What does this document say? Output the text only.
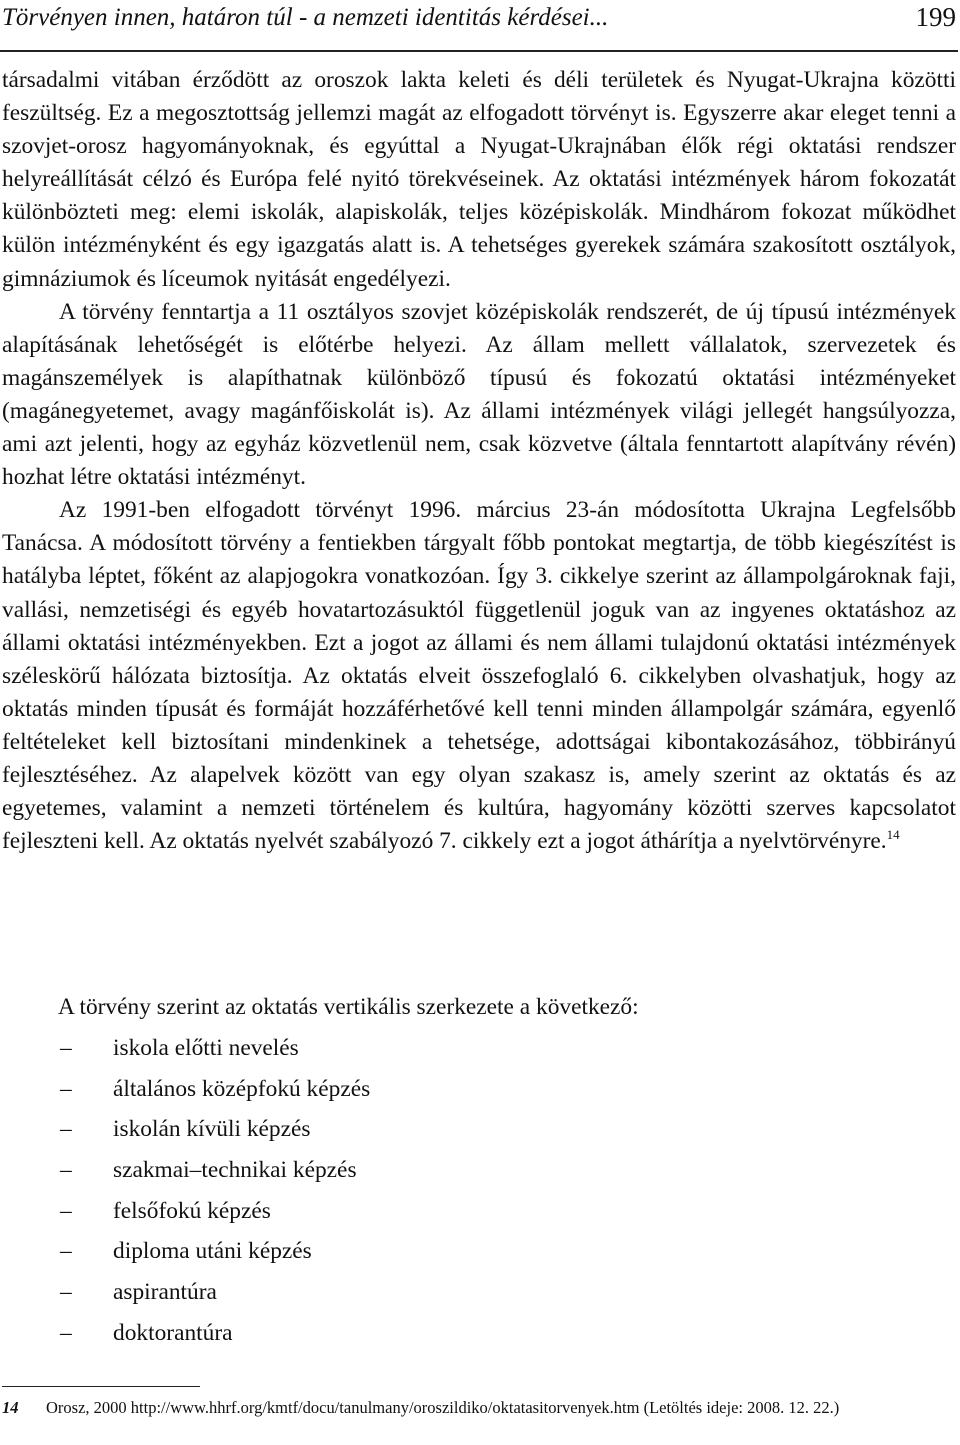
Törvényen innen, határon túl - a nemzeti identitás kérdései...	199

társadalmi vitában érződött az oroszok lakta keleti és déli területek és Nyugat-Ukrajna közötti feszültség. Ez a megosztottság jellemzi magát az elfogadott törvényt is. Egyszerre akar eleget tenni a szovjet-orosz hagyományoknak, és egyúttal a Nyugat-Ukrajnában élők régi oktatási rendszer helyreállítását célzó és Európa felé nyitó törekvéseinek. Az oktatási intézmények három fokozatát különbözteti meg: elemi iskolák, alapiskolák, teljes középiskolák. Mindhárom fokozat működhet külön intézményként és egy igazgatás alatt is. A tehetséges gyerekek számára szakosított osztályok, gimnáziumok és líceumok nyitását engedélyezi.

A törvény fenntartja a 11 osztályos szovjet középiskolák rendszerét, de új típusú intézmények alapításának lehetőségét is előtérbe helyezi. Az állam mellett vállalatok, szervezetek és magánszemélyek is alapíthatnak különböző típusú és fokozatú oktatási intézményeket (magánegyetemet, avagy magánfőiskolát is). Az állami intézmények világi jellegét hangsúlyozza, ami azt jelenti, hogy az egyház közvetlenül nem, csak közvetve (általa fenntartott alapítvány révén) hozhat létre oktatási intézményt.

Az 1991-ben elfogadott törvényt 1996. március 23-án módosította Ukrajna Legfelsőbb Tanácsa. A módosított törvény a fentiekben tárgyalt főbb pontokat megtartja, de több kiegészítést is hatályba léptet, főként az alapjogokra vonatkozóan. Így 3. cikkelye szerint az állampolgároknak faji, vallási, nemzetiségi és egyéb hovatartozásuktól függetlenül joguk van az ingyenes oktatáshoz az állami oktatási intézményekben. Ezt a jogot az állami és nem állami tulajdonú oktatási intézmények széleskörű hálózata biztosítja. Az oktatás elveit összefoglaló 6. cikkelyben olvashatjuk, hogy az oktatás minden típusát és formáját hozzáférhetővé kell tenni minden állampolgár számára, egyenlő feltételeket kell biztosítani mindenkinek a tehetsége, adottságai kibontakozásához, többirányú fejlesztéséhez. Az alapelvek között van egy olyan szakasz is, amely szerint az oktatás és az egyetemes, valamint a nemzeti történelem és kultúra, hagyomány közötti szerves kapcsolatot fejleszteni kell. Az oktatás nyelvét szabályozó 7. cikkely ezt a jogot áthárítja a nyelvtörvényre.$^{14}$

A törvény szerint az oktatás vertikális szerkezete a következő:
– iskola előtti nevelés
– általános középfokú képzés
– iskolán kívüli képzés
– szakmai–technikai képzés
– felsőfokú képzés
– diploma utáni képzés
– aspirantúra
– doktorantúra
14 Orosz, 2000 http://www.hhrf.org/kmtf/docu/tanulmany/oroszildiko/oktatasitorvenyek.htm (Letöltés ideje: 2008. 12. 22.)
